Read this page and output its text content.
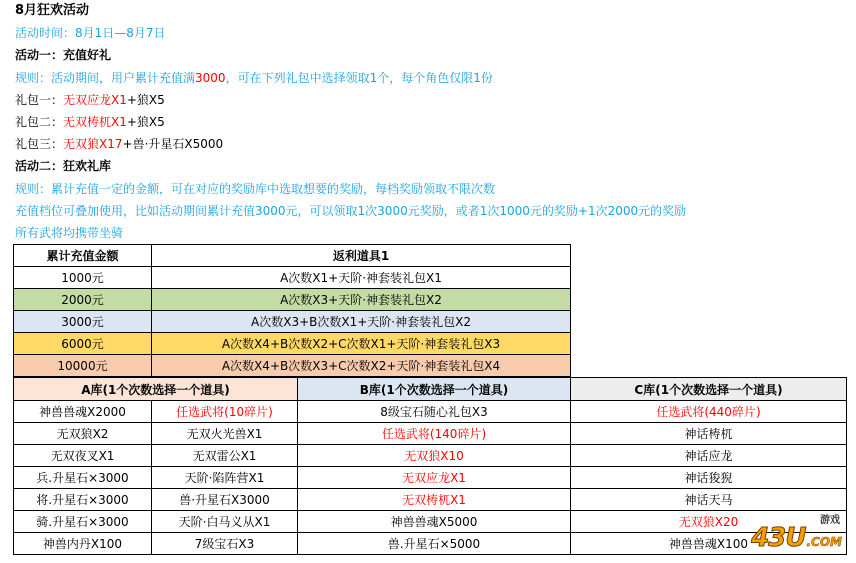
8月狂欢活动
活动时间：8月1日—8月7日
活动一：充值好礼
规则：活动期间，用户累计充值满3000，可在下列礼包中选择领取1个，每个角色仅限1份
礼包一：无双应龙X1+狼X5
礼包二：无双梼杌X1+狼X5
礼包三：无双狼X17+兽·升星石X5000
活动二：狂欢礼库
规则：累计充值一定的金额，可在对应的奖励库中选取想要的奖励，每档奖励领取不限次数
充值档位可叠加使用，比如活动期间累计充值3000元，可以领取1次3000元奖励，或者1次1000元的奖励+1次2000元的奖励
所有武将均携带坐骑
累计充值金额	返利道具1
1000元	A次数X1+天阶·神套装礼包X1
2000元	A次数X3+天阶·神套装礼包X2
3000元	A次数X3+B次数X1+天阶·神套装礼包X2
6000元	A次数X4+B次数X2+C次数X1+天阶·神套装礼包X3
10000元	A次数X4+B次数X3+C次数X2+天阶·神套装礼包X4
A库(1个次数选择一个道具)		B库(1个次数选择一个道具)	C库(1个次数选择一个道具)
神兽兽魂X2000	任选武将(10碎片)	8级宝石随心礼包X3	任选武将(440碎片)
无双狼X2	无双火光兽X1	任选武将(140碎片)	神话梼杌
无双夜叉X1	无双雷公X1	无双狼X10	神话应龙
兵.升星石×3000	天阶·陷阵营X1	无双应龙X1	神话狻猊
将.升星石×3000	兽·升星石X3000	无双梼杌X1	神话天马
骑.升星石×3000	天阶·白马义从X1	神兽兽魂X5000	无双狼X20
神兽内丹X100	7级宝石X3	兽.升星石×5000	神兽兽魂X100
游戏
43U .COM
